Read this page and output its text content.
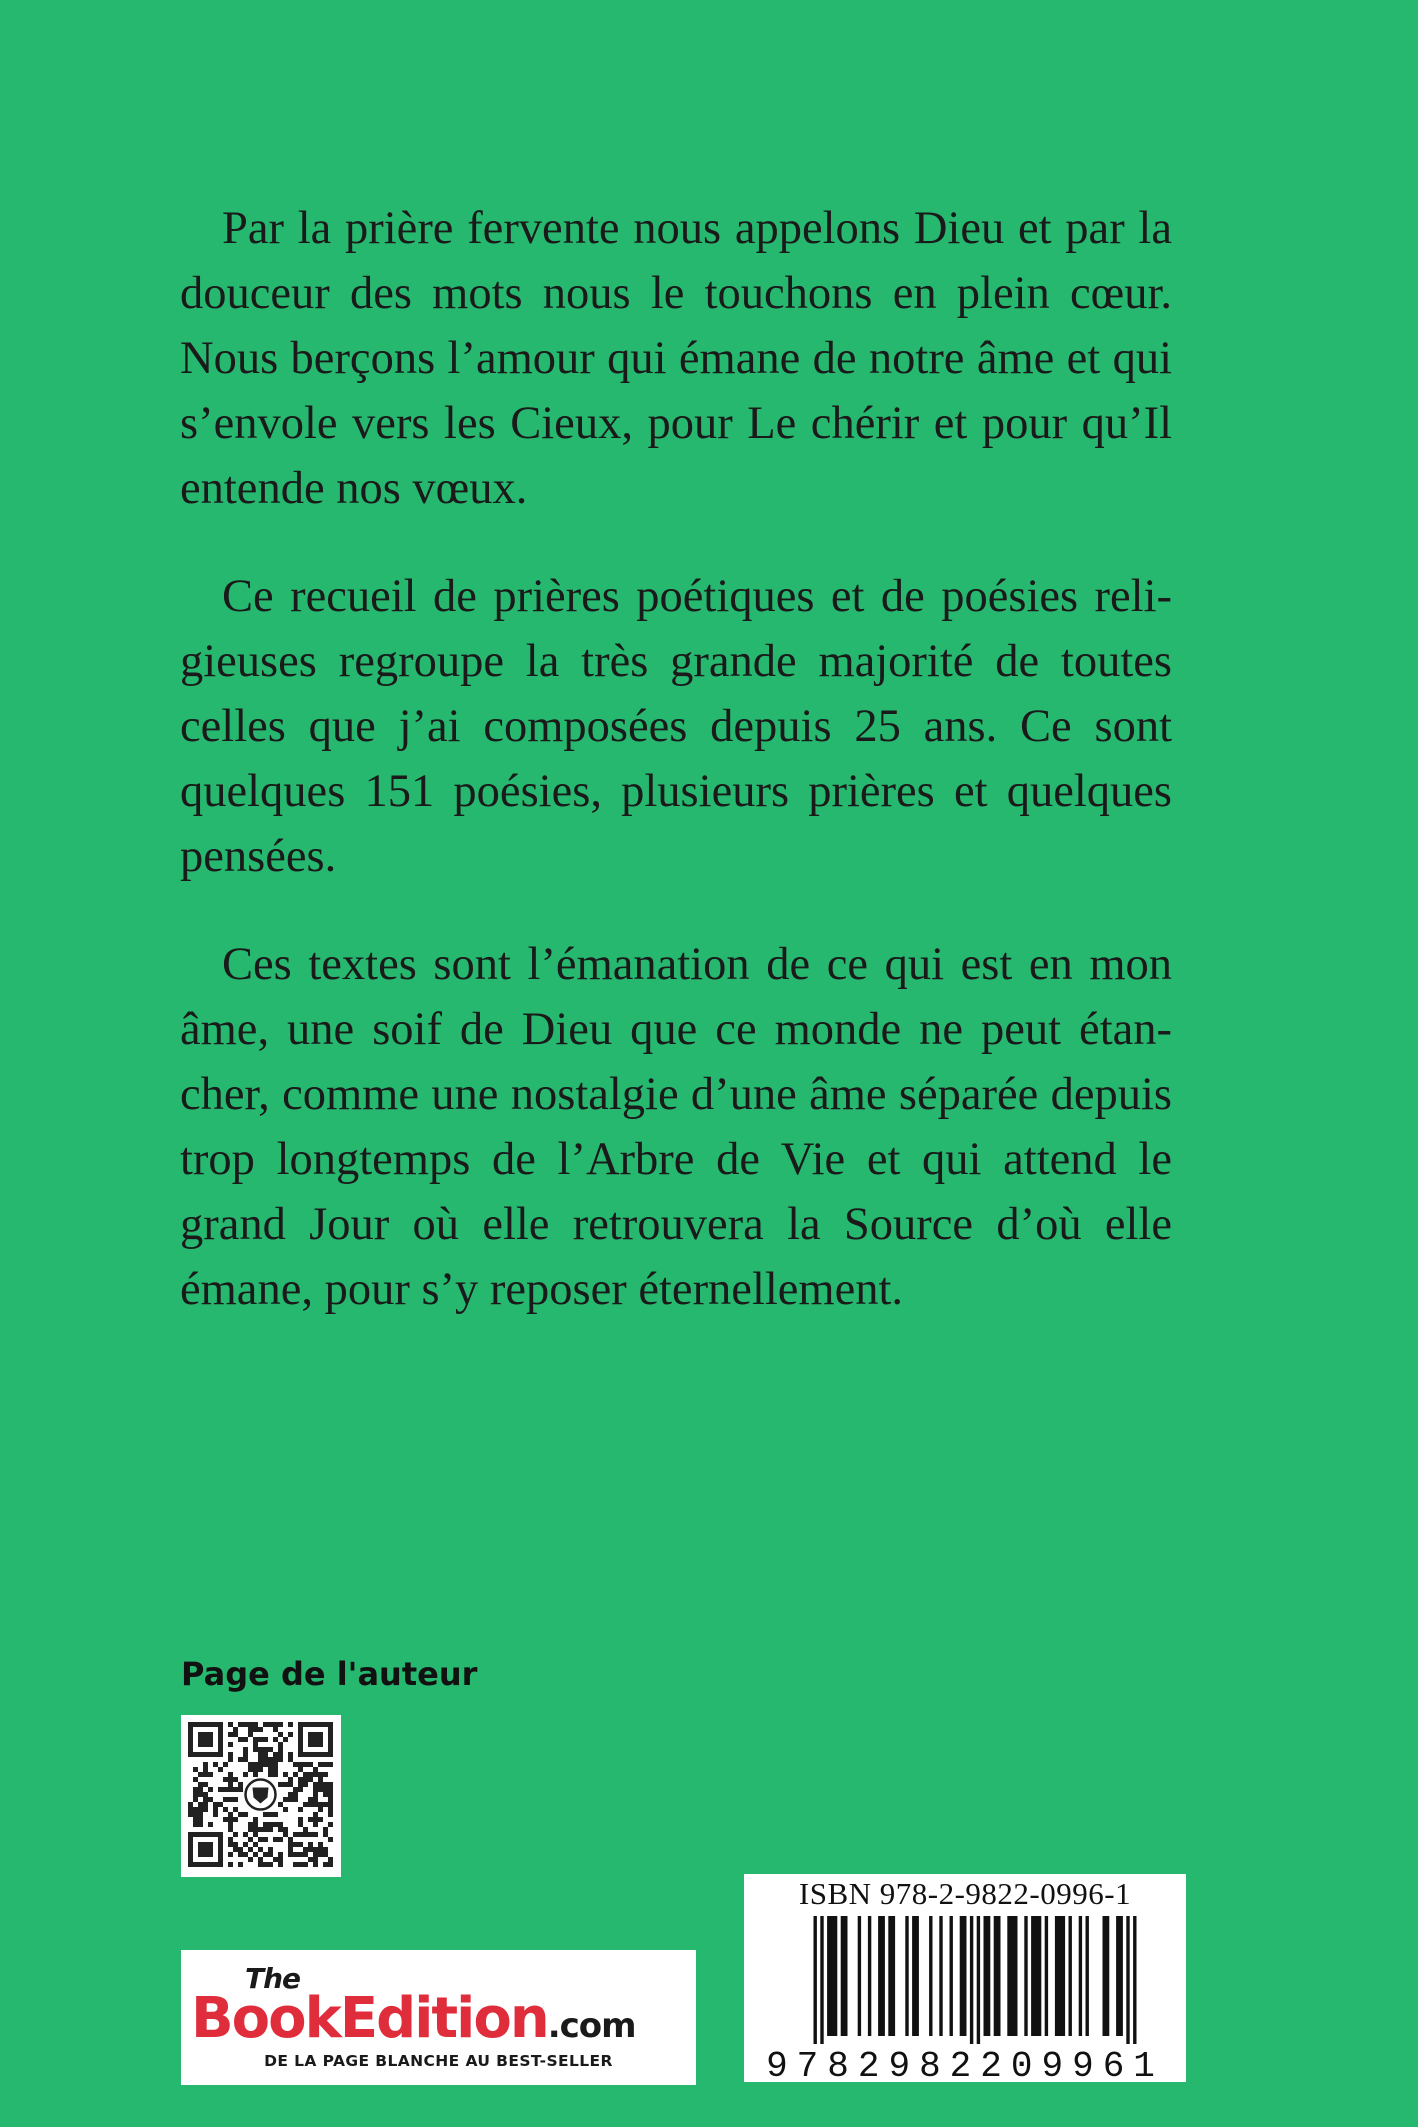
Par la prière fervente nous appelons Dieu et par la douceur des mots nous le touchons en plein cœur. Nous berçons l’amour qui émane de notre âme et qui s’envole vers les Cieux, pour Le chérir et pour qu’Il entende nos vœux.

Ce recueil de prières poétiques et de poésies religieuses regroupe la très grande majorité de toutes celles que j’ai composées depuis 25 ans. Ce sont quelques 151 poésies, plusieurs prières et quelques pensées.

Ces textes sont l’émanation de ce qui est en mon âme, une soif de Dieu que ce monde ne peut étancher, comme une nostalgie d’une âme séparée depuis trop longtemps de l’Arbre de Vie et qui attend le grand Jour où elle retrouvera la Source d’où elle émane, pour s’y reposer éternellement.

Page de l'auteur
The
BookEdition.com
DE LA PAGE BLANCHE AU BEST-SELLER
ISBN 978-2-9822-0996-1
9782982209961
